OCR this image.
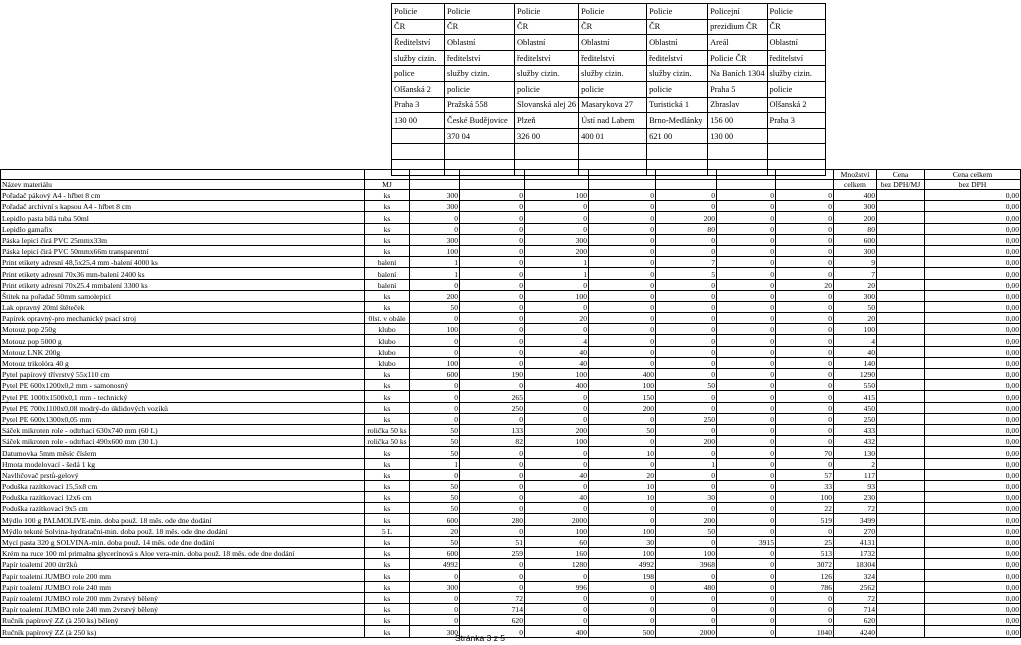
Policie	Policie	Policie	Policie	Policie	Policejní	Policie
ČR	ČR	ČR	ČR	ČR	prezidium ČR	ČR
Ředitelství	Oblastní	Oblastní	Oblastní	Oblastní	Areál	Oblastní
služby cizin.	ředitelství	ředitelství	ředitelství	ředitelství	Policie ČR	ředitelství
police	služby cizin.	služby cizin.	služby cizin.	služby cizin.	Na Baních 1304	služby cizin.
Olšanská 2	policie	policie	policie	policie	Praha 5	policie
Praha 3	Pražská 558	Slovanská alej 26	Masarykova 27	Turistická 1	Zbraslav	Olšanská 2
130 00	České Budějovice	Plzeň	Ústí nad Labem	Brno-Medlánky	156 00	Praha 3
	370 04	326 00	400 01	621 00	130 00	

									Množství	Cena	Cena celkem
Název materiálu	MJ								celkem	bez DPH/MJ	bez DPH
Pořadač pákový A4 - hřbet 8 cm	ks	300	0	100	0	0	0	0	400		0,00
Pořadač archivní s kapsou A4 - hřbet 8 cm	ks	300	0	0	0	0	0	0	300		0,00
Lepidlo pasta bílá tuba 50ml	ks	0	0	0	0	200	0	0	200		0,00
Lepidlo gamafix	ks	0	0	0	0	80	0	0	80		0,00
Páska lepicí čirá PVC 25mmx33m	ks	300	0	300	0	0	0	0	600		0,00
Páska lepicí čirá PVC 50mmx66m transparentní	ks	100	0	200	0	0	0	0	300		0,00
Print etikety adresní 48,5x25,4 mm -balení 4000 ks	balení	1	0	1	0	7	0	0	9		0,00
Print etikety adresní 70x36 mm-balení 2400 ks	balení	1	0	1	0	5	0	0	7		0,00
Print etikety adresní 70x25.4 mmbalení 3300 ks	balení	0	0	0	0	0	0	20	20		0,00
Štítek na pořadač 50mm samolepící	ks	200	0	100	0	0	0	0	300		0,00
Lak opravný 20ml štěteček	ks	50	0	0	0	0	0	0	50		0,00
Papírek opravný-pro mechanický psací stroj	0lst. v obále	0	0	20	0	0	0	0	20		0,00
Motouz pop 250g	klubo	100	0	0	0	0	0	0	100		0,00
Motouz pop 5000 g	klubo	0	0	4	0	0	0	0	4		0,00
Motouz LNK 200g	klubo	0	0	40	0	0	0	0	40		0,00
Motouz trikolóra 40 g	klubo	100	0	40	0	0	0	0	140		0,00
Pytel papírový třívrstvý 55x110 cm	ks	600	190	100	400	0	0	0	1290		0,00
Pytel PE 600x1200x0,2 mm - samonosný	ks	0	0	400	100	50	0	0	550		0,00
Pytel PE 1000x1500x0,1 mm - technický	ks	0	265	0	150	0	0	0	415		0,00
Pytel PE 700x1100x0,08 modrý-do úklidových vozíků	ks	0	250	0	200	0	0	0	450		0,00
Pytel PE 600x1300x0,05 mm	ks	0	0	0	0	250	0	0	250		0,00
Sáček mikroten role - odtrhací 630x740 mm (60 L)	rolička 50 ks	50	133	200	50	0	0	0	433		0,00
Sáček mikroten role - odtrhací 490x600 mm (30 L)	rolička 50 ks	50	82	100	0	200	0	0	432		0,00
Datumovka 5mm měsíc číslem	ks	50	0	0	10	0	0	70	130		0,00
Hmota modelovací - šedá 1 kg	ks	1	0	0	0	1	0	0	2		0,00
Navlhčovač prstů-gelový	ks	0	0	40	20	0	0	57	117		0,00
Poduška razítkovací 15,5x8 cm	ks	50	0	0	10	0	0	33	93		0,00
Poduška razítkovací 12x6 cm	ks	50	0	40	10	30	0	100	230		0,00
Poduška razítkovací 9x5 cm	ks	50	0	0	0	0	0	22	72		0,00
Mýdlo 100 g PALMOLIVE-min. doba použ. 18 měs. ode dne dodání	ks	600	280	2000	0	200	0	519	3499		0,00
Mýdlo tekuté Solvina-hydratační-min. doba použ. 18 měs. ode dne dodání	5 L	20	0	100	100	50	0	0	270		0,00
Mycí pasta 320 g SOLVINA-min. doba použ. 14 měs. ode dne dodání	ks	50	51	60	30	0	3915	25	4131		0,00
Krém na ruce 100 ml primalna glycerínová s Aloe vera-min. doba použ. 18 měs. ode dne dodání	ks	600	259	160	100	100	0	513	1732		0,00
Papír toaletní 200 útržků	ks	4992	0	1280	4992	3968	0	3072	18304		0,00
Papír toaletní JUMBO role 200 mm	ks	0	0	0	198	0	0	126	324		0,00
Papír toaletní JUMBO role 240 mm	ks	300	0	996	0	480	0	786	2562		0,00
Papír toaletní JUMBO role 200 mm 2vrstvý bělený	ks	0	72	0	0	0	0	0	72		0,00
Papír toaletní JUMBO role 240 mm 2vrstvý bělený	ks	0	714	0	0	0	0	0	714		0,00
Ručník papírový ZZ (à 250 ks) bělený	ks	0	620	0	0	0	0	0	620		0,00
Ručník papírový ZZ (à 250 ks)	ks	300	0	400	500	2000	0	1040	4240		0,00
Stránka 3 z 5
